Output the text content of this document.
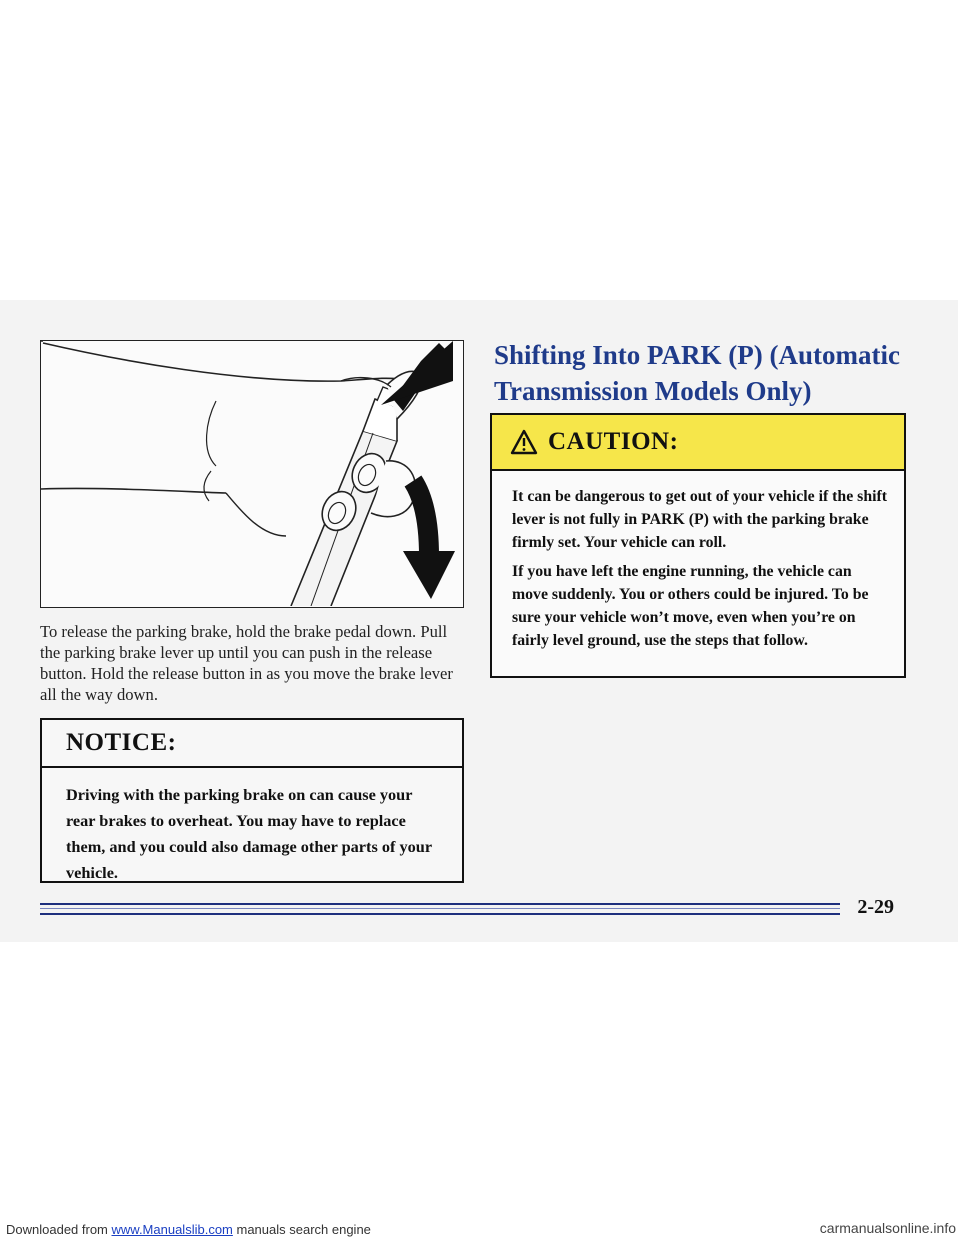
To release the parking brake, hold the brake pedal down. Pull the parking brake lever up until you can push in the release button. Hold the release button in as you move the brake lever all the way down.

NOTICE:
Driving with the parking brake on can cause your rear brakes to overheat. You may have to replace them, and you could also damage other parts of your vehicle.
Shifting Into PARK (P) (Automatic Transmission Models Only)
CAUTION:

It can be dangerous to get out of your vehicle if the shift lever is not fully in PARK (P) with the parking brake firmly set. Your vehicle can roll.

If you have left the engine running, the vehicle can move suddenly. You or others could be injured. To be sure your vehicle won’t move, even when you’re on fairly level ground, use the steps that follow.

2-29
Downloaded from www.Manualslib.com manuals search engine	carmanualsonline.info
